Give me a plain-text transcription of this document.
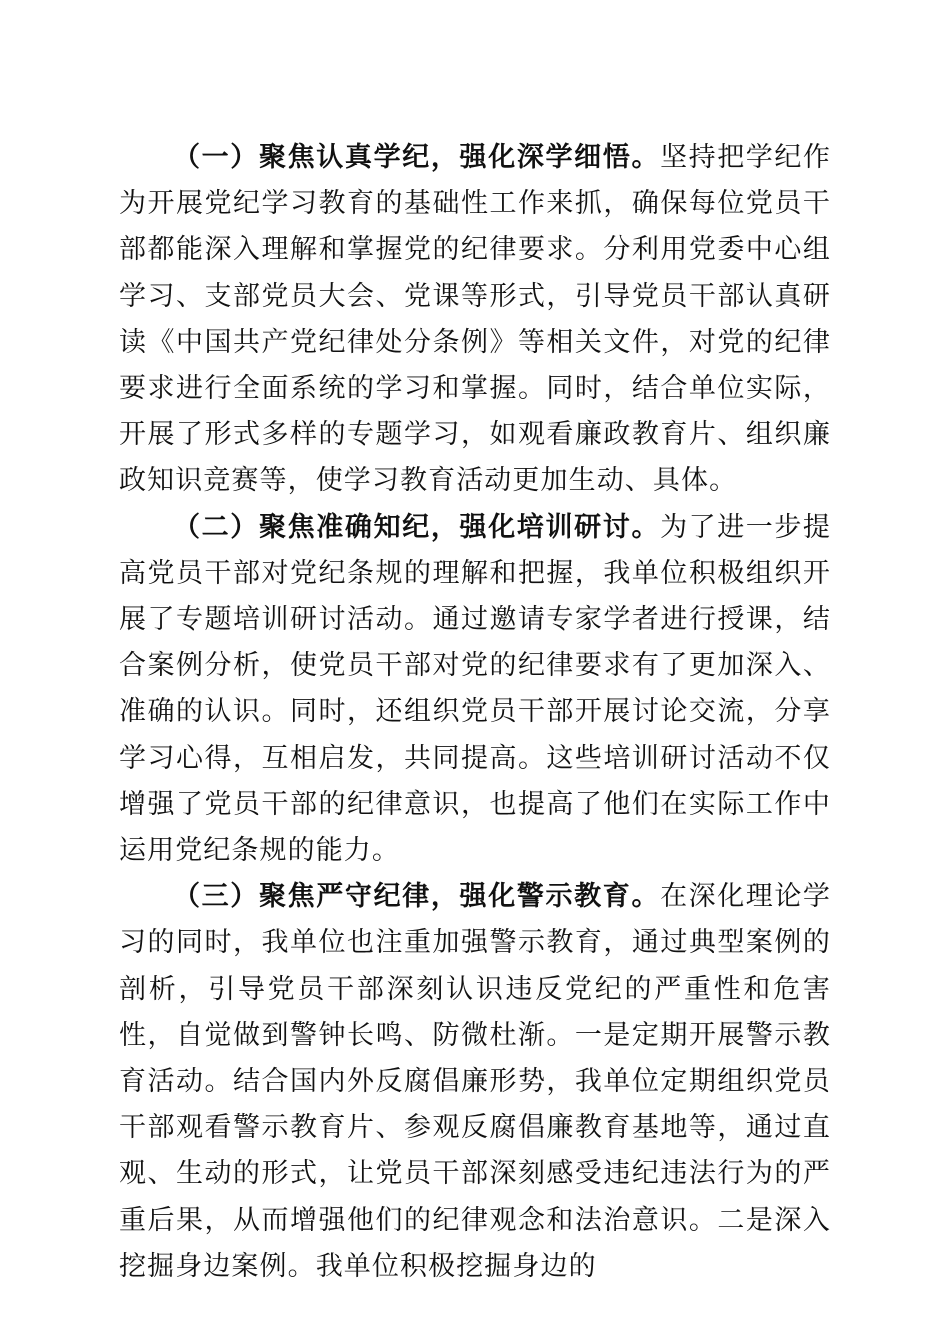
（一）聚焦认真学纪，强化深学细悟。坚持把学纪作为开展党纪学习教育的基础性工作来抓，确保每位党员干部都能深入理解和掌握党的纪律要求。分利用党委中心组学习、支部党员大会、党课等形式，引导党员干部认真研读《中国共产党纪律处分条例》等相关文件，对党的纪律要求进行全面系统的学习和掌握。同时，结合单位实际，开展了形式多样的专题学习，如观看廉政教育片、组织廉政知识竞赛等，使学习教育活动更加生动、具体。

（二）聚焦准确知纪，强化培训研讨。为了进一步提高党员干部对党纪条规的理解和把握，我单位积极组织开展了专题培训研讨活动。通过邀请专家学者进行授课，结合案例分析，使党员干部对党的纪律要求有了更加深入、准确的认识。同时，还组织党员干部开展讨论交流，分享学习心得，互相启发，共同提高。这些培训研讨活动不仅增强了党员干部的纪律意识，也提高了他们在实际工作中运用党纪条规的能力。

（三）聚焦严守纪律，强化警示教育。在深化理论学习的同时，我单位也注重加强警示教育，通过典型案例的剖析，引导党员干部深刻认识违反党纪的严重性和危害性，自觉做到警钟长鸣、防微杜渐。一是定期开展警示教育活动。结合国内外反腐倡廉形势，我单位定期组织党员干部观看警示教育片、参观反腐倡廉教育基地等，通过直观、生动的形式，让党员干部深刻感受违纪违法行为的严重后果，从而增强他们的纪律观念和法治意识。二是深入挖掘身边案例。我单位积极挖掘身边的
